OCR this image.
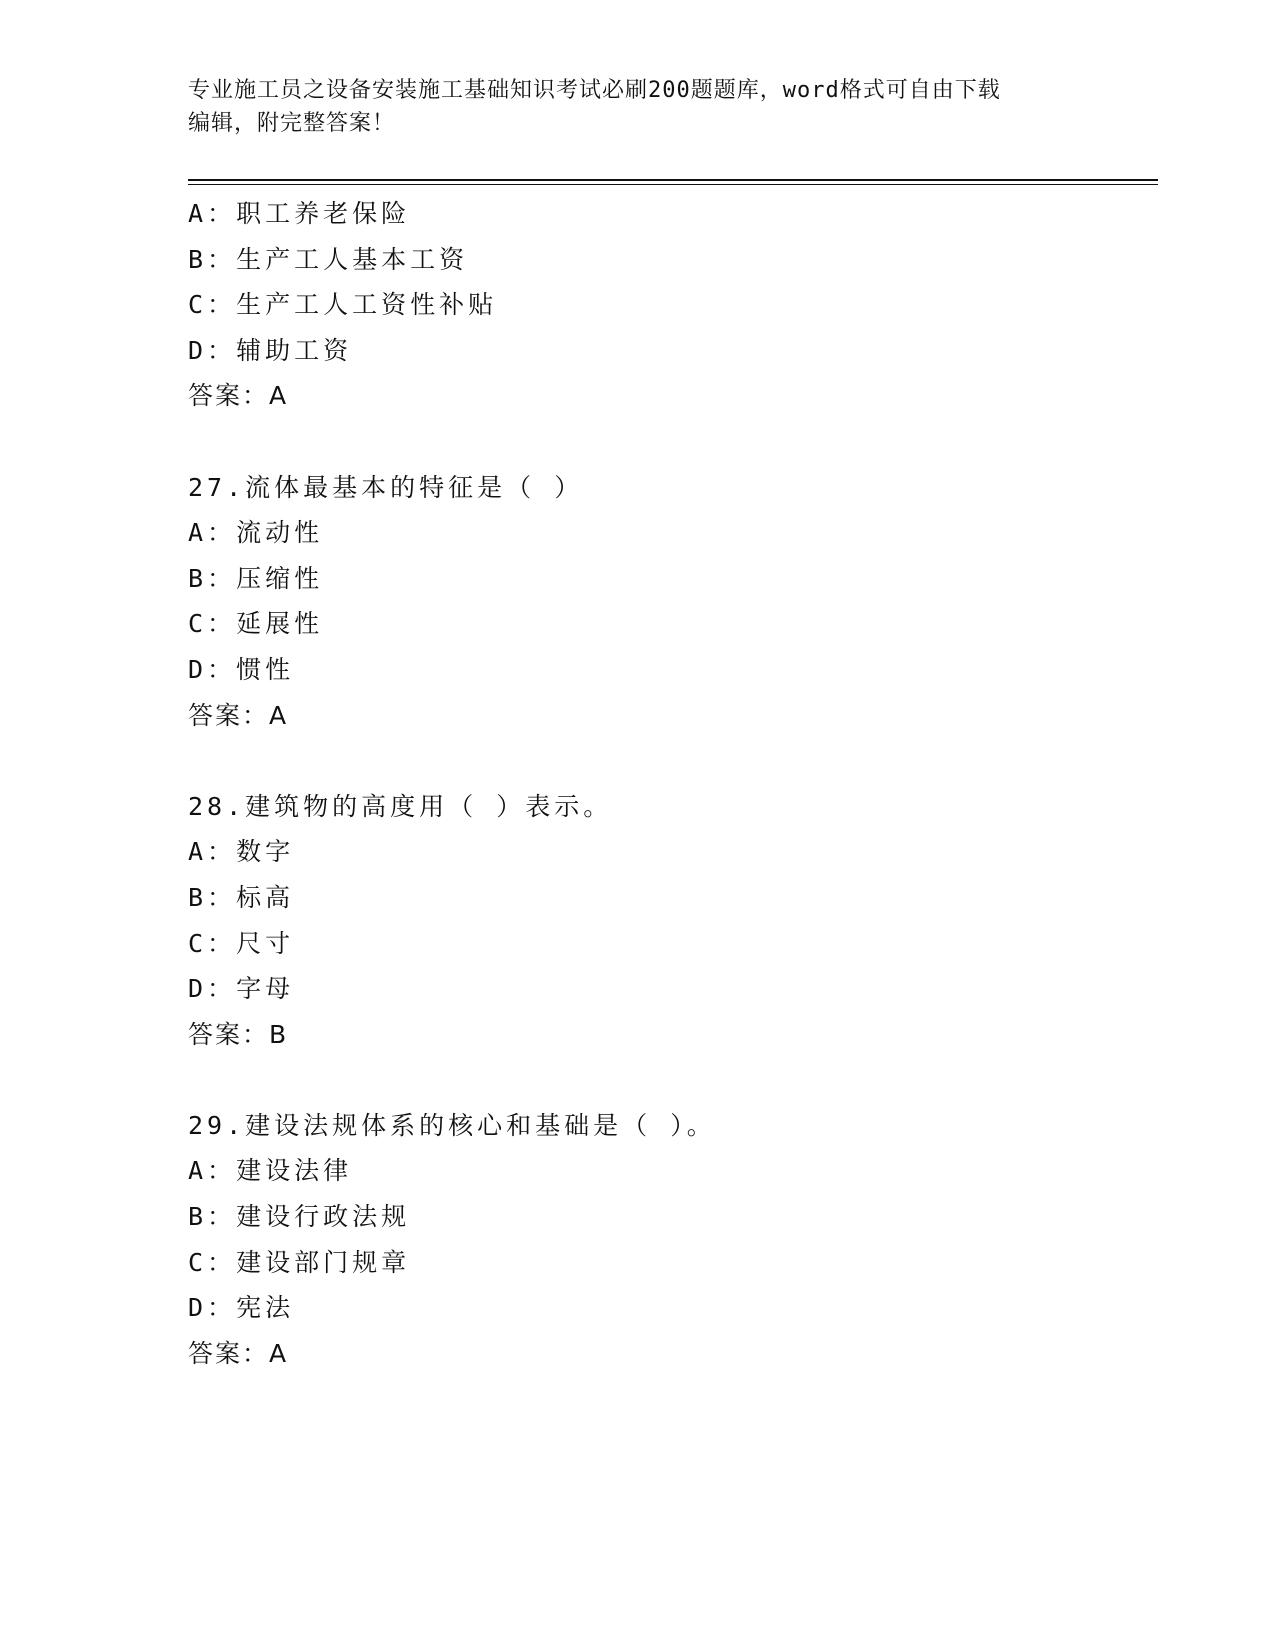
专业施工员之设备安装施工基础知识考试必刷200题题库，word格式可自由下载
编辑，附完整答案！
A：职工养老保险
B：生产工人基本工资
C：生产工人工资性补贴
D：辅助工资
答案：A
27.流体最基本的特征是（ ）
A：流动性
B：压缩性
C：延展性
D：惯性
答案：A
28.建筑物的高度用（ ）表示。
A：数字
B：标高
C：尺寸
D：字母
答案：B
29.建设法规体系的核心和基础是（ ）。
A：建设法律
B：建设行政法规
C：建设部门规章
D：宪法
答案：A
